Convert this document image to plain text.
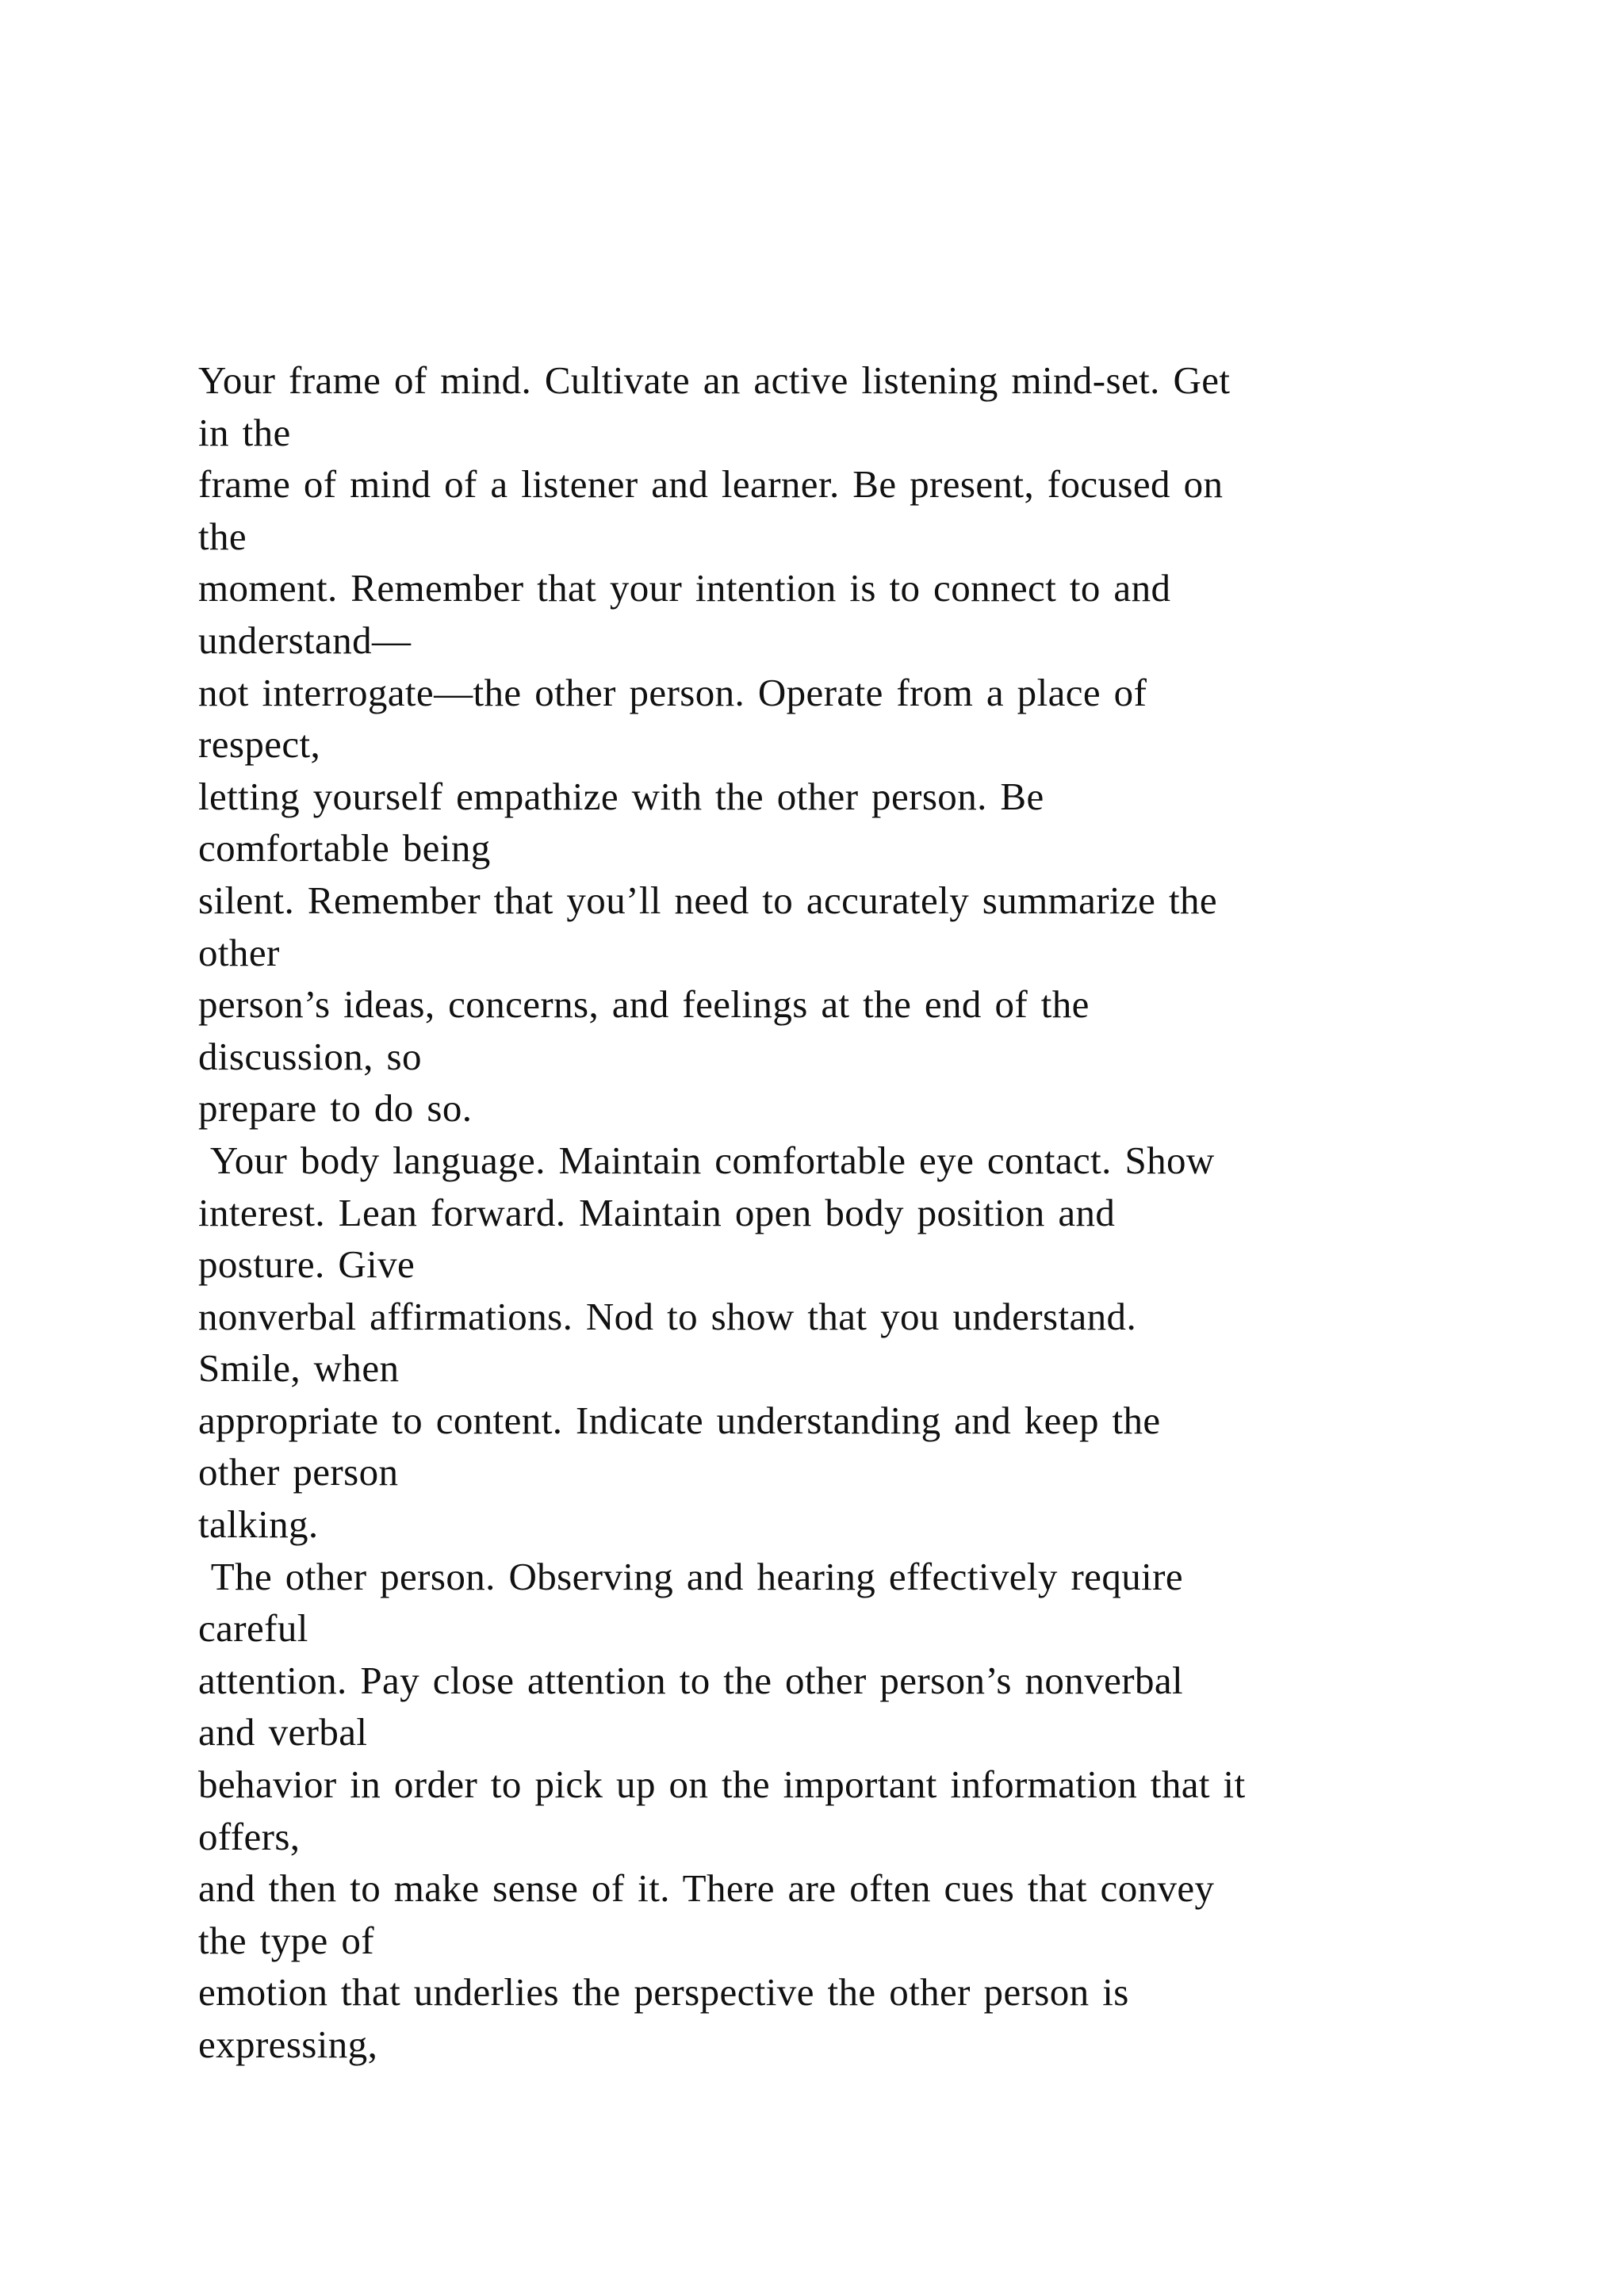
Your frame of mind. Cultivate an active listening mind-set. Get
in the
frame of mind of a listener and learner. Be present, focused on
the
moment. Remember that your intention is to connect to and
understand—
not interrogate—the other person. Operate from a place of
respect,
letting yourself empathize with the other person. Be
comfortable being
silent. Remember that you’ll need to accurately summarize the
other
person’s ideas, concerns, and feelings at the end of the
discussion, so
prepare to do so.
Your body language. Maintain comfortable eye contact. Show
interest. Lean forward. Maintain open body position and
posture. Give
nonverbal affirmations. Nod to show that you understand.
Smile, when
appropriate to content. Indicate understanding and keep the
other person
talking.
The other person. Observing and hearing effectively require
careful
attention. Pay close attention to the other person’s nonverbal
and verbal
behavior in order to pick up on the important information that it
offers,
and then to make sense of it. There are often cues that convey
the type of
emotion that underlies the perspective the other person is
expressing,
